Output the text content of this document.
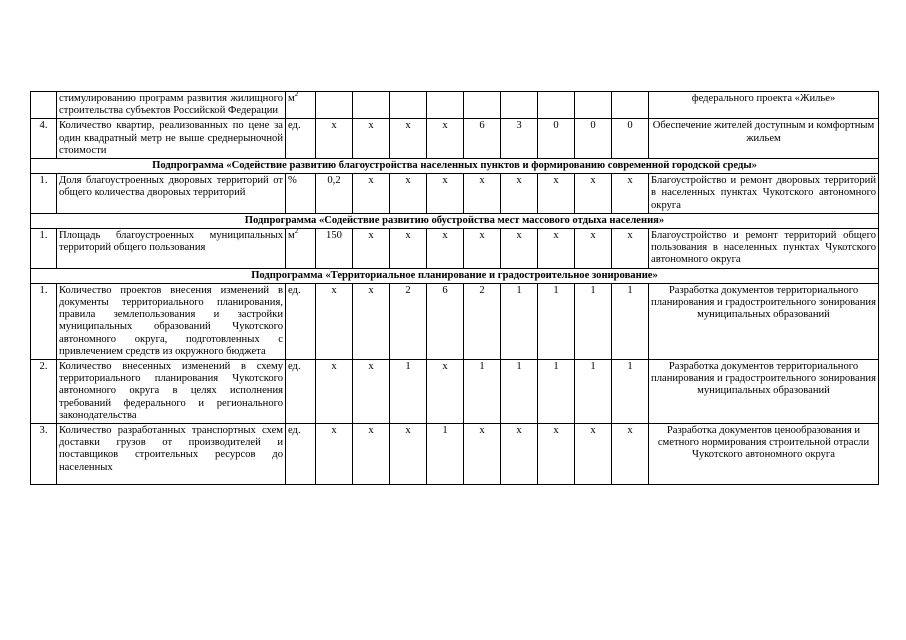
	стимулированию программ развития жилищного строительства субъектов Российской Федерации	$м^2$										федерального проекта «Жилье»
4.	Количество квартир, реализованных по цене за один квадратный метр не выше среднерыночной стоимости	ед.	х	х	х	х	6	3	0	0	0	Обеспечение жителей доступным и комфортным жильем
Подпрограмма «Содействие развитию благоустройства населенных пунктов и формированию современной городской среды»												
1.	Доля благоустроенных дворовых территорий от общего количества дворовых территорий	%	0,2	х	х	х	х	х	х	х	х	Благоустройство и ремонт дворовых территорий в населенных пунктах Чукотского автономного округа
Подпрограмма «Содействие развитию обустройства мест массового отдыха населения»												
1.	Площадь благоустроенных муниципальных территорий общего пользования	$м^2$	150	х	х	х	х	х	х	х	х	Благоустройство и ремонт территорий общего пользования в населенных пунктах Чукотского автономного округа
Подпрограмма «Территориальное планирование и градостроительное зонирование»												
1.	Количество проектов внесения изменений в документы территориального планирования, правила землепользования и застройки муниципальных образований Чукотского автономного округа, подготовленных с привлечением средств из окружного бюджета	ед.	х	х	2	6	2	1	1	1	1	Разработка документов территориального планирования и градостроительного зонирования муниципальных образований
2.	Количество внесенных изменений в схему территориального планирования Чукотского автономного округа в целях исполнения требований федерального и регионального законодательства	ед.	х	х	1	х	1	1	1	1	1	Разработка документов территориального планирования и градостроительного зонирования муниципальных образований
3.	Количество разработанных транспортных схем доставки грузов от производителей и поставщиков строительных ресурсов до населенных	ед.	х	х	х	1	х	х	х	х	х	Разработка документов ценообразования и сметного нормирования строительной отрасли Чукотского автономного округа
